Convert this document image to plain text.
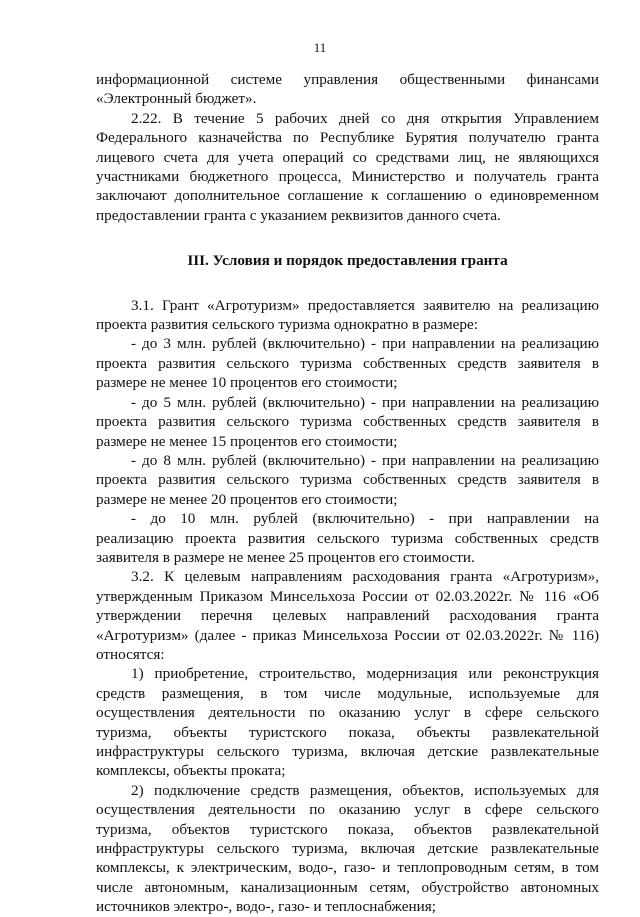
11
информационной системе управления общественными финансами
«Электронный бюджет».
2.22. В течение 5 рабочих дней со дня открытия Управлением
Федерального казначейства по Республике Бурятия получателю гранта
лицевого счета для учета операций со средствами лиц, не являющихся
участниками бюджетного процесса, Министерство и получатель гранта
заключают дополнительное соглашение к соглашению о единовременном
предоставлении гранта с указанием реквизитов данного счета.
III. Условия и порядок предоставления гранта
3.1. Грант «Агротуризм» предоставляется заявителю на реализацию
проекта развития сельского туризма однократно в размере:
- до 3 млн. рублей (включительно) - при направлении на реализацию
проекта развития сельского туризма собственных средств заявителя в
размере не менее 10 процентов его стоимости;
- до 5 млн. рублей (включительно) - при направлении на реализацию
проекта развития сельского туризма собственных средств заявителя в
размере не менее 15 процентов его стоимости;
- до 8 млн. рублей (включительно) - при направлении на реализацию
проекта развития сельского туризма собственных средств заявителя в
размере не менее 20 процентов его стоимости;
- до 10 млн. рублей (включительно) - при направлении на
реализацию проекта развития сельского туризма собственных средств
заявителя в размере не менее 25 процентов его стоимости.
3.2. К целевым направлениям расходования гранта «Агротуризм»,
утвержденным Приказом Минсельхоза России от 02.03.2022г. № 116 «Об
утверждении перечня целевых направлений расходования гранта
«Агротуризм» (далее - приказ Минсельхоза России от 02.03.2022г. № 116)
относятся:
1) приобретение, строительство, модернизация или реконструкция
средств размещения, в том числе модульные, используемые для
осуществления деятельности по оказанию услуг в сфере сельского
туризма, объекты туристского показа, объекты развлекательной
инфраструктуры сельского туризма, включая детские развлекательные
комплексы, объекты проката;
2) подключение средств размещения, объектов, используемых для
осуществления деятельности по оказанию услуг в сфере сельского
туризма, объектов туристского показа, объектов развлекательной
инфраструктуры сельского туризма, включая детские развлекательные
комплексы, к электрическим, водо-, газо- и теплопроводным сетям, в том
числе автономным, канализационным сетям, обустройство автономных
источников электро-, водо-, газо- и теплоснабжения;
